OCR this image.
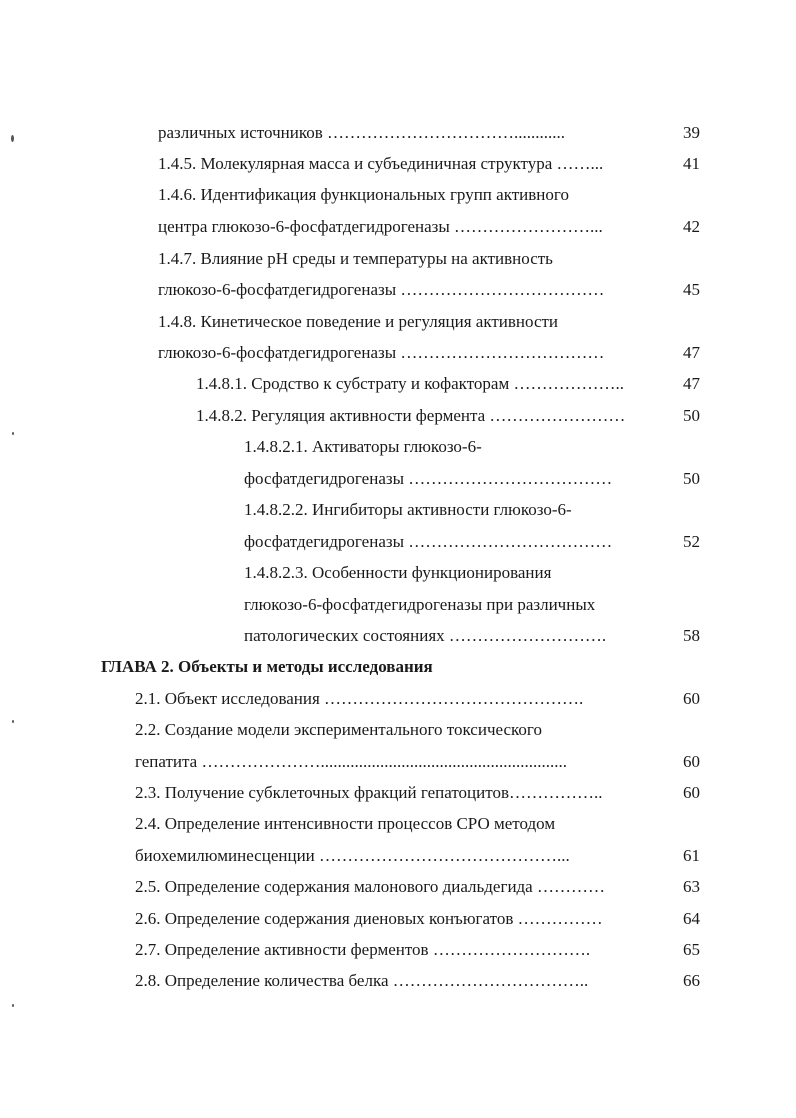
различных источников ……………………………............	39
1.4.5. Молекулярная масса и субъединичная структура ……...	41
1.4.6. Идентификация функциональных групп активного
центра глюкозо-6-фосфатдегидрогеназы ……………………...	42
1.4.7. Влияние рН среды и температуры на активность
глюкозо-6-фосфатдегидрогеназы ………………………………	45
1.4.8. Кинетическое поведение и регуляция активности
глюкозо-6-фосфатдегидрогеназы ………………………………	47
1.4.8.1. Сродство к субстрату и кофакторам ………………..	47
1.4.8.2. Регуляция активности фермента ……………………	50
1.4.8.2.1. Активаторы глюкозо-6-
фосфатдегидрогеназы ………………………………	50
1.4.8.2.2. Ингибиторы активности глюкозо-6-
фосфатдегидрогеназы ………………………………	52
1.4.8.2.3. Особенности функционирования
глюкозо-6-фосфатдегидрогеназы при различных
патологических состояниях ……………………….	58
ГЛАВА 2. Объекты и методы исследования
2.1. Объект исследования ……………………………………….	60
2.2. Создание модели экспериментального токсического
гепатита …………………..........................................................	60
2.3. Получение субклеточных фракций гепатоцитов……………..	60
2.4. Определение интенсивности процессов СРО методом
биохемилюминесценции ……………………………………...	61
2.5. Определение содержания малонового диальдегида …………	63
2.6. Определение содержания диеновых конъюгатов ……………	64
2.7. Определение активности ферментов ……………………….	65
2.8. Определение количества белка ……………………………..	66
